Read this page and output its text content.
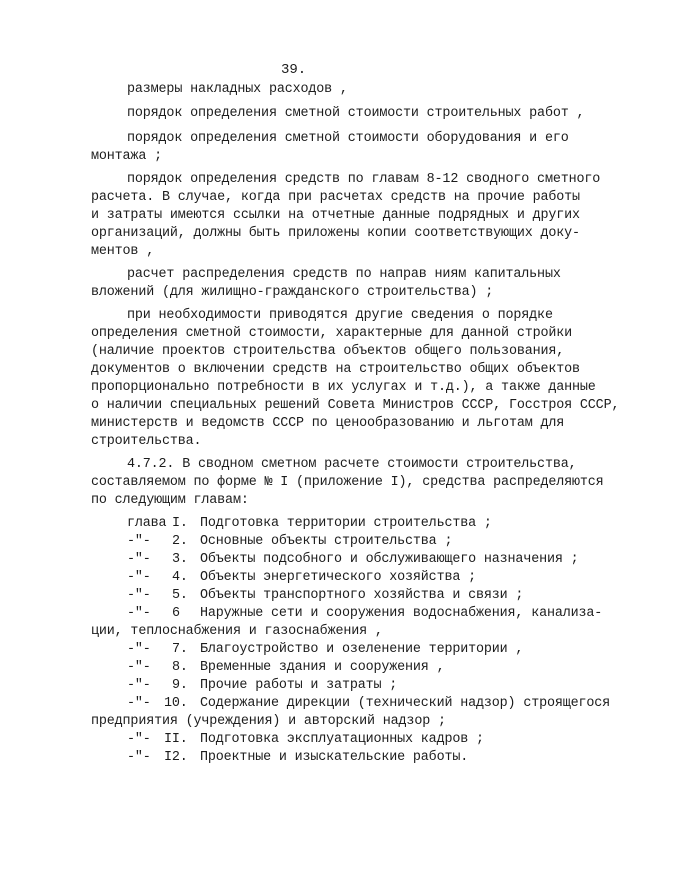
39.
размеры накладных расходов ,
порядок определения сметной стоимости строительных работ ,
порядок определения сметной стоимости оборудования и его
монтажа ;
порядок определения средств по главам 8-12 сводного сметного
расчета. В случае, когда при расчетах средств на прочие работы
и затраты имеются ссылки на отчетные данные подрядных и других
организаций, должны быть приложены копии соответствующих доку-
ментов ,
расчет распределения средств по направ ниям капитальных
вложений (для жилищно-гражданского строительства) ;
при необходимости приводятся другие сведения о порядке
определения сметной стоимости, характерные для данной стройки
(наличие проектов строительства объектов общего пользования,
документов о включении средств на строительство общих объектов
пропорционально потребности в их услугах и т.д.), а также данные
о наличии специальных решений Совета Министров СССР, Госстроя СССР,
министерств и ведомств СССР по ценообразованию и льготам для
строительства.
4.7.2. В сводном сметном расчете стоимости строительства,
составляемом по форме № I (приложение I), средства распределяются
по следующим главам:
глава I. Подготовка территории строительства ;
-"- 2. Основные объекты строительства ;
-"- 3. Объекты подсобного и обслуживающего назначения ;
-"- 4. Объекты энергетического хозяйства ;
-"- 5. Объекты транспортного хозяйства и связи ;
-"- 6 Наружные сети и сооружения водоснабжения, канализа-
ции, теплоснабжения и газоснабжения ,
-"- 7. Благоустройство и озеленение территории ,
-"- 8. Временные здания и сооружения ,
-"- 9. Прочие работы и затраты ;
-"- 10. Содержание дирекции (технический надзор) строящегося
предприятия (учреждения) и авторский надзор ;
-"- II. Подготовка эксплуатационных кадров ;
-"- I2. Проектные и изыскательские работы.
